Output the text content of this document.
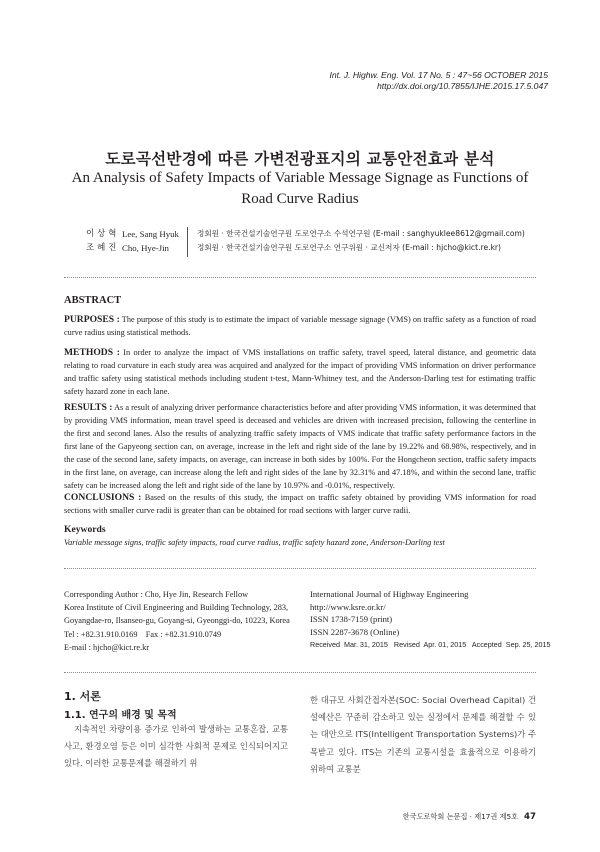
Int. J. Highw. Eng. Vol. 17 No. 5 : 47~56 OCTOBER 2015
http://dx.doi.org/10.7855/IJHE.2015.17.5.047
도로곡선반경에 따른 가변전광표지의 교통안전효과 분석
An Analysis of Safety Impacts of Variable Message Signage as Functions of
Road Curve Radius
이 상 혁
조 혜 진
Lee, Sang Hyuk
Cho, Hye-Jin
정회원 · 한국건설기술연구원 도로연구소 수석연구원 (E-mail : sanghyuklee8612@gmail.com)
정회원 · 한국건설기술연구원 도로연구소 연구위원 · 교신저자 (E-mail : hjcho@kict.re.kr)
ABSTRACT
PURPOSES : The purpose of this study is to estimate the impact of variable message signage (VMS) on traffic safety as a function of road curve radius using statistical methods.
METHODS : In order to analyze the impact of VMS installations on traffic safety, travel speed, lateral distance, and geometric data relating to road curvature in each study area was acquired and analyzed for the impact of providing VMS information on driver performance and traffic safety using statistical methods including student t-test, Mann-Whitney test, and the Anderson-Darling test for estimating traffic safety hazard zone in each lane.
RESULTS : As a result of analyzing driver performance characteristics before and after providing VMS information, it was determined that by providing VMS information, mean travel speed is deceased and vehicles are driven with increased precision, following the centerline in the first and second lanes. Also the results of analyzing traffic safety impacts of VMS indicate that traffic safety performance factors in the first lane of the Gapyeong section can, on average, increase in the left and right side of the lane by 19.22% and 68.98%, respectively, and in the case of the second lane, safety impacts, on average, can increase in both sides by 100%. For the Hongcheon section, traffic safety impacts in the first lane, on average, can increase along the left and right sides of the lane by 32.31% and 47.18%, and within the second lane, traffic safety can be increased along the left and right side of the lane by 10.97% and -0.01%, respectively.
CONCLUSIONS : Based on the results of this study, the impact on traffic safety obtained by providing VMS information for road sections with smaller curve radii is greater than can be obtained for road sections with larger curve radii.
Keywords
Variable message signs, traffic safety impacts, road curve radius, traffic safety hazard zone, Anderson-Darling test
Corresponding Author : Cho, Hye Jin, Research Fellow
Korea Institute of Civil Engineering and Building Technology, 283,
Goyangdae-ro, Ilsanseo-gu, Goyang-si, Gyeonggi-do, 10223, Korea
Tel : +82.31.910.0169    Fax : +82.31.910.0749
E-mail : hjcho@kict.re.kr
International Journal of Highway Engineering
http://www.ksre.or.kr/
ISSN 1738-7159 (print)
ISSN 2287-3678 (Online)
Received  Mar. 31, 2015   Revised  Apr. 01, 2015   Accepted  Sep. 25, 2015
1. 서론
1.1. 연구의 배경 및 목적
지속적인 차량이용 증가로 인하여 발생하는 교통혼잡, 교통사고, 환경오염 등은 이미 심각한 사회적 문제로 인식되어지고 있다. 이러한 교통문제를 해결하기 위
한 대규모 사회간접자본(SOC: Social Overhead Capital) 건설예산은 꾸준히 감소하고 있는 실정에서 문제를 해결할 수 있는 대안으로 ITS(Intelligent Transportation Systems)가 주목받고 있다. ITS는 기존의 교통시설을 효율적으로 이용하기 위하여 교통분
한국도로학회 논문집 · 제17권 제5호 47
